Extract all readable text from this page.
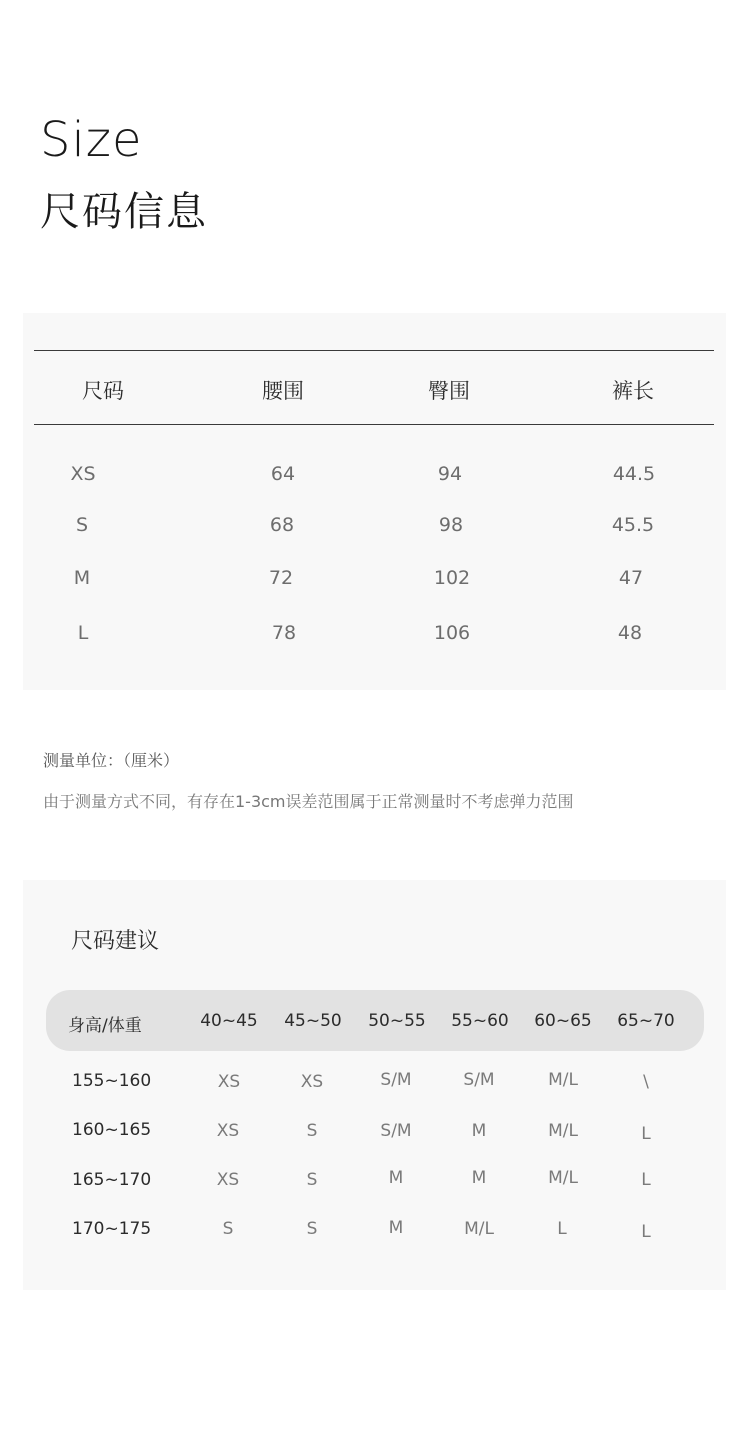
Size
尺码信息
尺码	腰围	臀围	裤长
XS	64	94	44.5
S	68	98	45.5
M	72	102	47
L	78	106	48
测量单位：（厘米）
由于测量方式不同，有存在1-3cm误差范围属于正常测量时不考虑弹力范围
尺码建议
身高/体重	40~45 45~50 50~55 55~60 60~65 65~70
155~160	XS	XS	S/M	S/M	M/L	\
160~165	XS	S	S/M	M	M/L	L
165~170	XS	S	M	M	M/L	L
170~175	S	S	M	M/L	L	L
